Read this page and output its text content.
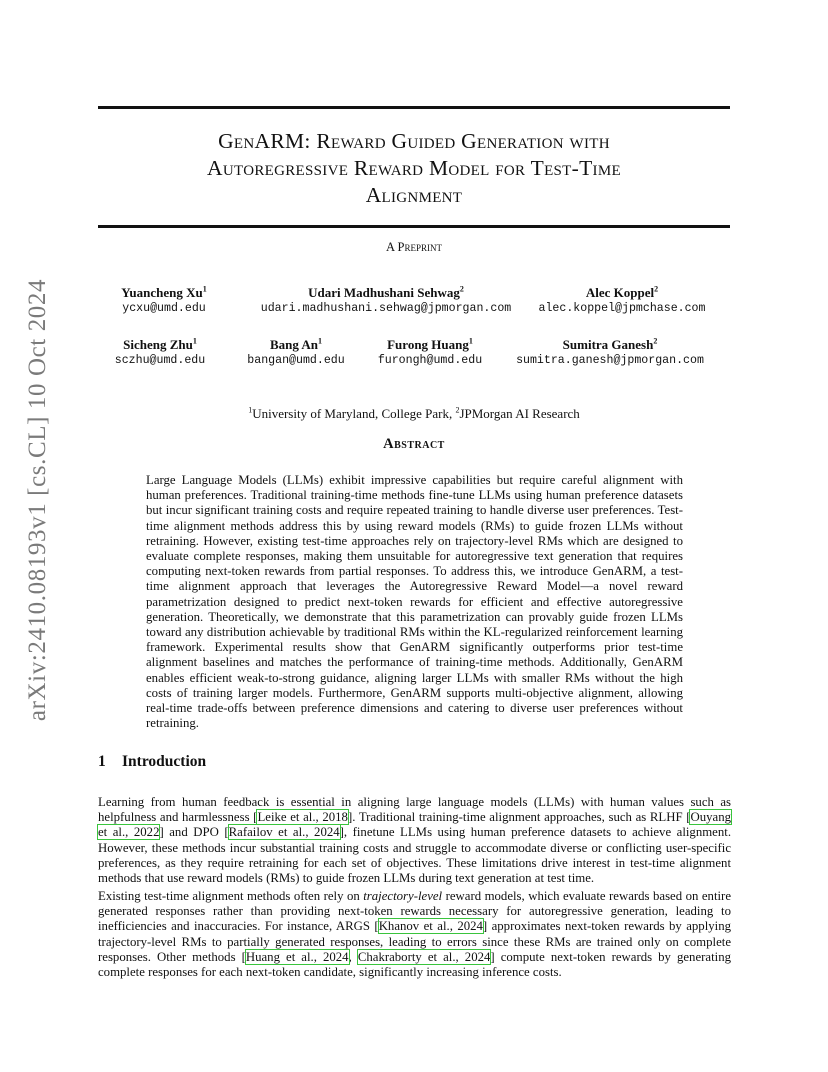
arXiv:2410.08193v1 [cs.CL] 10 Oct 2024
GenARM: Reward Guided Generation with
Autoregressive Reward Model for Test-Time
Alignment
A Preprint
Yuancheng Xu$^1$
ycxu@umd.edu
Udari Madhushani Sehwag$^2$
udari.madhushani.sehwag@jpmorgan.com
Alec Koppel$^2$
alec.koppel@jpmchase.com
Sicheng Zhu$^1$
sczhu@umd.edu
Bang An$^1$
bangan@umd.edu
Furong Huang$^1$
furongh@umd.edu
Sumitra Ganesh$^2$
sumitra.ganesh@jpmorgan.com
$^1$University of Maryland, College Park, $^2$JPMorgan AI Research
Abstract
Large Language Models (LLMs) exhibit impressive capabilities but require careful alignment with human preferences. Traditional training-time methods fine-tune LLMs using human preference datasets but incur significant training costs and require repeated training to handle diverse user preferences. Test-time alignment methods address this by using reward models (RMs) to guide frozen LLMs without retraining. However, existing test-time approaches rely on trajectory-level RMs which are designed to evaluate complete responses, making them unsuitable for autoregressive text generation that requires computing next-token rewards from partial responses. To address this, we introduce GenARM, a test-time alignment approach that leverages the Autoregressive Reward Model—a novel reward parametrization designed to predict next-token rewards for efficient and effective autoregressive generation. Theoretically, we demonstrate that this parametrization can provably guide frozen LLMs toward any distribution achievable by traditional RMs within the KL-regularized reinforcement learning framework. Experimental results show that GenARM significantly outperforms prior test-time alignment baselines and matches the performance of training-time methods. Additionally, GenARM enables efficient weak-to-strong guidance, aligning larger LLMs with smaller RMs without the high costs of training larger models. Furthermore, GenARM supports multi-objective alignment, allowing real-time trade-offs between preference dimensions and catering to diverse user preferences without retraining.
1 Introduction
Learning from human feedback is essential in aligning large language models (LLMs) with human values such as helpfulness and harmlessness [Leike et al., 2018]. Traditional training-time alignment approaches, such as RLHF [Ouyang et al., 2022] and DPO [Rafailov et al., 2024], finetune LLMs using human preference datasets to achieve alignment. However, these methods incur substantial training costs and struggle to accommodate diverse or conflicting user-specific preferences, as they require retraining for each set of objectives. These limitations drive interest in test-time alignment methods that use reward models (RMs) to guide frozen LLMs during text generation at test time.
Existing test-time alignment methods often rely on trajectory-level reward models, which evaluate rewards based on entire generated responses rather than providing next-token rewards necessary for autoregressive generation, leading to inefficiencies and inaccuracies. For instance, ARGS [Khanov et al., 2024] approximates next-token rewards by applying trajectory-level RMs to partially generated responses, leading to errors since these RMs are trained only on complete responses. Other methods [Huang et al., 2024, Chakraborty et al., 2024] compute next-token rewards by generating complete responses for each next-token candidate, significantly increasing inference costs.
